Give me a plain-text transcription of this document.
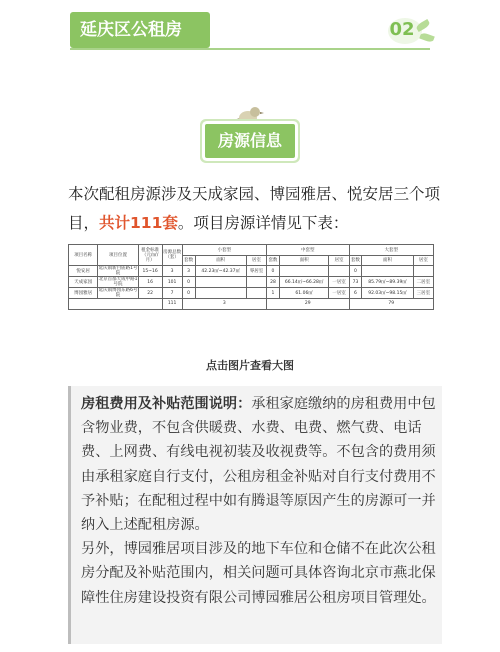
延庆区公租房	02
房源信息
本次配租房源涉及天成家园、博园雅居、悦安居三个项目，共计111套。项目房源详情见下表：
项目名称	项目位置	租金标准（元/㎡/月）	房源总数（套）	小套型			中套型			大套型		
				套数	面积	居室	套数	面积	居室	套数	面积	居室
悦安居	延庆镇新白庙路1号院	15~16	3	3	42.23㎡~42.37㎡	零居室	0			0		
天成家园	北京首都天成中路1号院	16	101	0			28	66.14㎡~66.28㎡	一居室	73	85.79㎡~89.39㎡	二居室
博园雅居	延庆镇博园东路6号院	22	7	0			1	61.06㎡	一居室	6	92.03㎡~98.15㎡	三居室
			111	3			29			79		
点击图片查看大图

房租费用及补贴范围说明：承租家庭缴纳的房租费用中包含物业费，不包含供暖费、水费、电费、燃气费、电话费、上网费、有线电视初装及收视费等。不包含的费用须由承租家庭自行支付，公租房租金补贴对自行支付费用不予补贴；在配租过程中如有腾退等原因产生的房源可一并纳入上述配租房源。

另外，博园雅居项目涉及的地下车位和仓储不在此次公租房分配及补贴范围内，相关问题可具体咨询北京市燕北保障性住房建设投资有限公司博园雅居公租房项目管理处。
